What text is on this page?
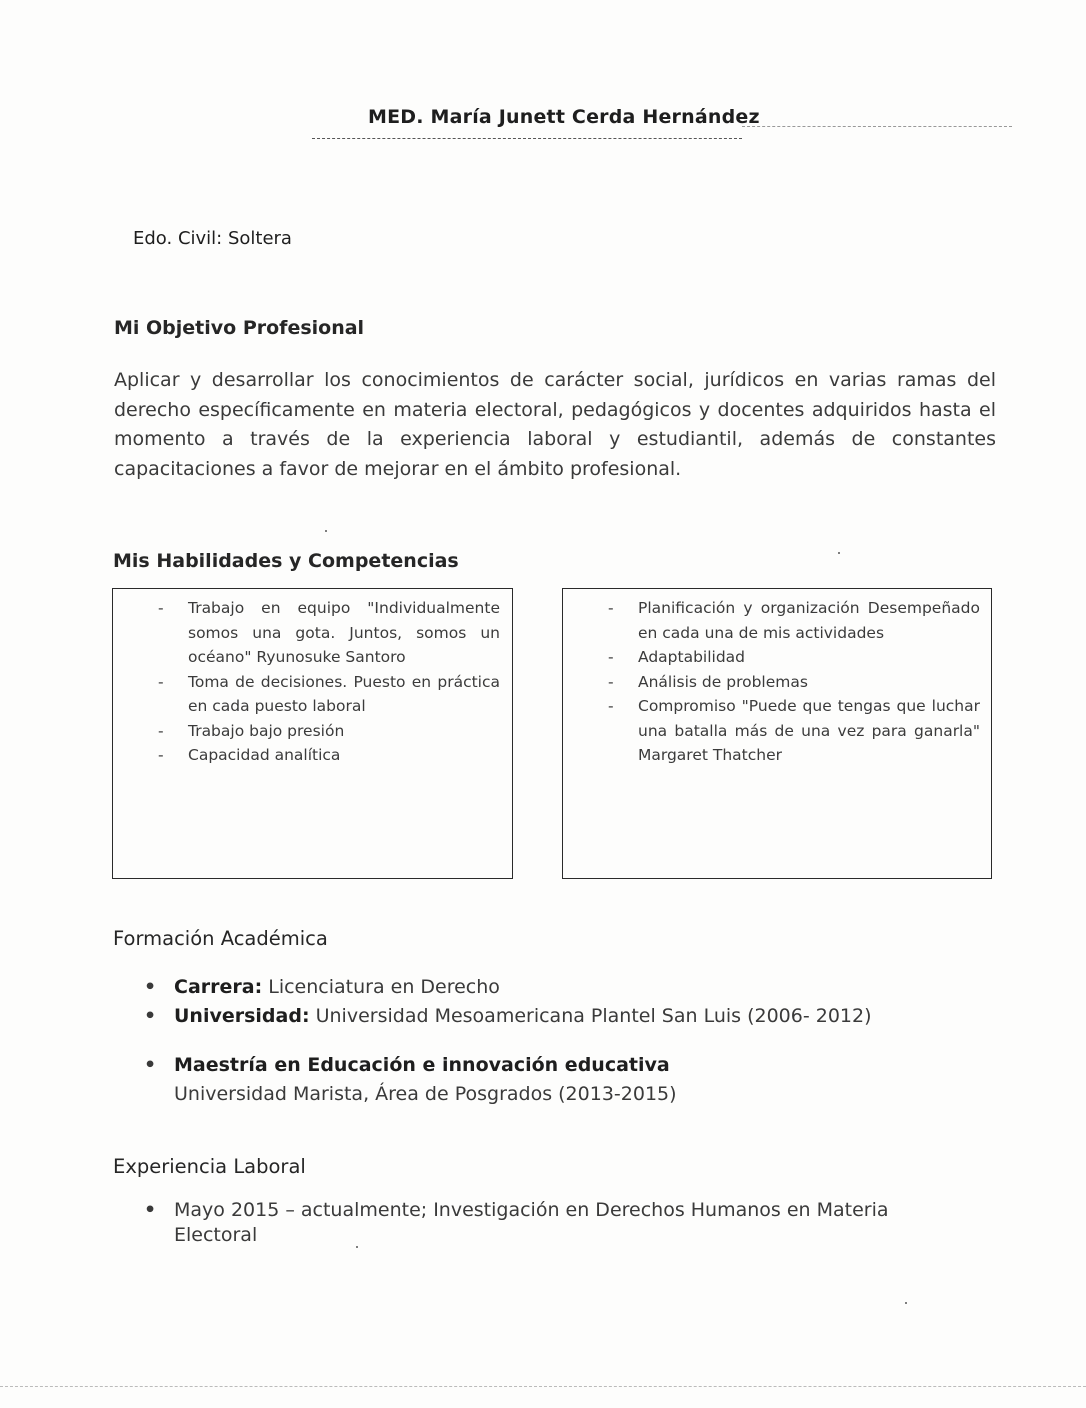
MED. María Junett Cerda Hernández
Edo. Civil: Soltera
Mi Objetivo Profesional
Aplicar y desarrollar los conocimientos de carácter social, jurídicos en varias ramas del derecho específicamente en materia electoral, pedagógicos y docentes adquiridos hasta el momento a través de la experiencia laboral y estudiantil, además de constantes capacitaciones a favor de mejorar en el ámbito profesional.
Mis Habilidades y Competencias
- Trabajo en equipo "Individualmente somos una gota. Juntos, somos un océano" Ryunosuke Santoro
- Toma de decisiones. Puesto en práctica en cada puesto laboral
- Trabajo bajo presión
- Capacidad analítica
- Planificación y organización Desempeñado en cada una de mis actividades
- Adaptabilidad
- Análisis de problemas
- Compromiso "Puede que tengas que luchar una batalla más de una vez para ganarla" Margaret Thatcher
Formación Académica
• Carrera: Licenciatura en Derecho
• Universidad: Universidad Mesoamericana Plantel San Luis (2006- 2012)
• Maestría en Educación e innovación educativa
Universidad Marista, Área de Posgrados (2013-2015)
Experiencia Laboral
• Mayo 2015 – actualmente; Investigación en Derechos Humanos en Materia Electoral
